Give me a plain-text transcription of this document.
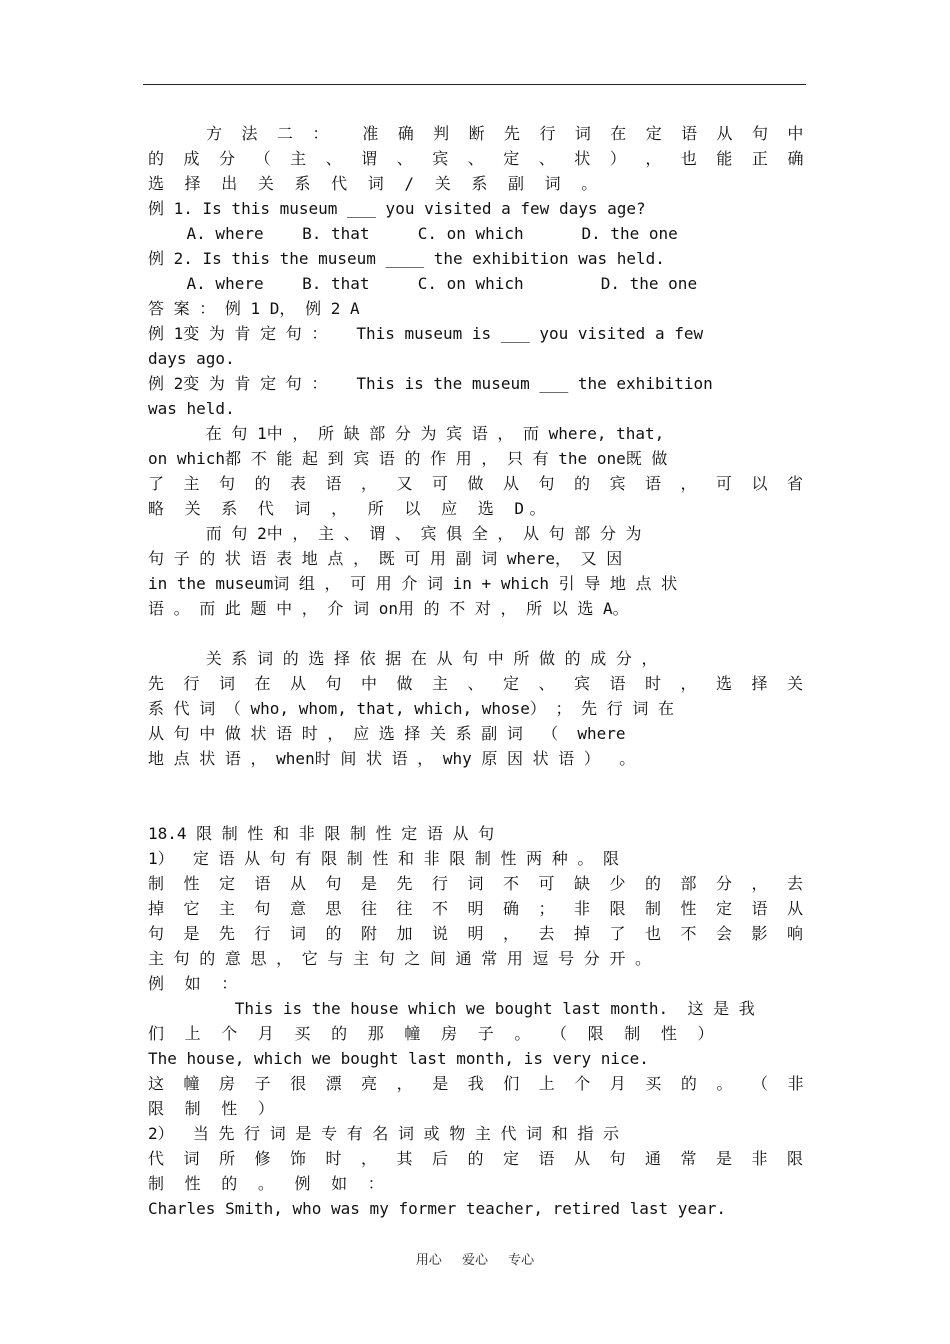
方 法 二 ：  准 确 判 断 先 行 词 在 定 语 从 句 中
的 成 分 （ 主 、 谓 、 宾 、 定 、 状 ） ， 也 能 正 确
选 择 出 关 系 代 词 / 关 系 副 词 。
例 1. Is this museum ___ you visited a few days age?
A. where    B. that     C. on which      D. the one
例 2. Is this the museum ____ the exhibition was held.
A. where    B. that     C. on which        D. the one
答 案 ： 例 1 D， 例 2 A
例 1变 为 肯 定 句 ：   This museum is ___ you visited a few
days ago.
例 2变 为 肯 定 句 ：   This is the museum ___ the exhibition
was held.
在 句 1中 ， 所 缺 部 分 为 宾 语 ， 而 where, that,
on which都 不 能 起 到 宾 语 的 作 用 ， 只 有 the one既 做
了 主 句 的 表 语 ， 又 可 做 从 句 的 宾 语 ， 可 以 省
略 关 系 代 词 ， 所 以 应 选 D。
而 句 2中 ， 主 、 谓 、 宾 俱 全 ， 从 句 部 分 为
句 子 的 状 语 表 地 点 ， 既 可 用 副 词 where， 又 因
in the museum词 组 ， 可 用 介 词 in + which 引 导 地 点 状
语 。 而 此 题 中 ， 介 词 on用 的 不 对 ， 所 以 选 A。
关 系 词 的 选 择 依 据 在 从 句 中 所 做 的 成 分 ，
先 行 词 在 从 句 中 做 主 、 定 、 宾 语 时 ， 选 择 关
系 代 词 （ who, whom, that, which, whose） ； 先 行 词 在
从 句 中 做 状 语 时 ， 应 选 择 关 系 副 词  （  where
地 点 状 语 ， when时 间 状 语 ， why 原 因 状 语 ）  。
18.4 限 制 性 和 非 限 制 性 定 语 从 句
1）  定 语 从 句 有 限 制 性 和 非 限 制 性 两 种 。 限
制 性 定 语 从 句 是 先 行 词 不 可 缺 少 的 部 分 ， 去
掉 它 主 句 意 思 往 往 不 明 确 ； 非 限 制 性 定 语 从
句 是 先 行 词 的 附 加 说 明 ， 去 掉 了 也 不 会 影 响
主 句 的 意 思 ， 它 与 主 句 之 间 通 常 用 逗 号 分 开 。
例 如 ：
This is the house which we bought last month.  这 是 我
们 上 个 月 买 的 那 幢 房 子 。 （ 限 制 性 ）
The house, which we bought last month, is very nice.
这 幢 房 子 很 漂 亮 ， 是 我 们 上 个 月 买 的 。 （ 非
限 制 性 ）
2）  当 先 行 词 是 专 有 名 词 或 物 主 代 词 和 指 示
代 词 所 修 饰 时 ， 其 后 的 定 语 从 句 通 常 是 非 限
制 性 的 。 例 如 ：
Charles Smith, who was my former teacher, retired last year.
用心 爱心 专心
